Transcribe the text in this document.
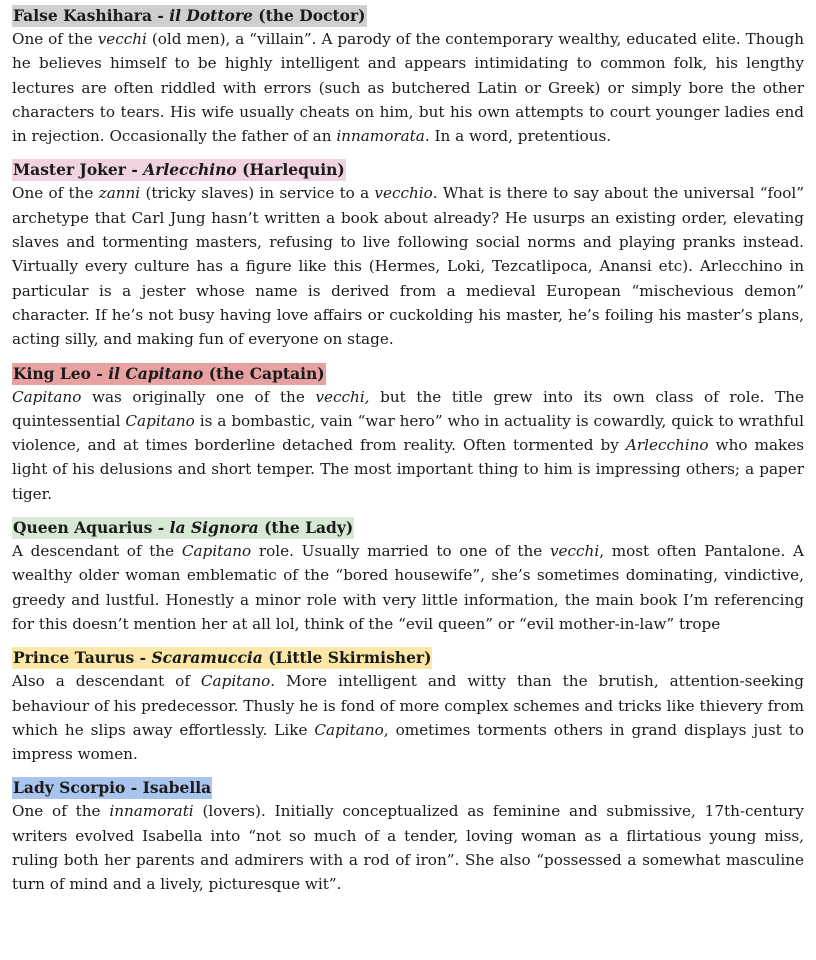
False Kashihara - il Dottore (the Doctor)

One of the vecchi (old men), a “villain”. A parody of the contemporary wealthy, educated elite. Though he believes himself to be highly intelligent and appears intimidating to common folk, his lengthy lectures are often riddled with errors (such as butchered Latin or Greek) or simply bore the other characters to tears. His wife usually cheats on him, but his own attempts to court younger ladies end in rejection. Occasionally the father of an innamorata. In a word, pretentious.

Master Joker - Arlecchino (Harlequin)

One of the zanni (tricky slaves) in service to a vecchio. What is there to say about the universal “fool” archetype that Carl Jung hasn’t written a book about already? He usurps an existing order, elevating slaves and tormenting masters, refusing to live following social norms and playing pranks instead. Virtually every culture has a figure like this (Hermes, Loki, Tezcatlipoca, Anansi etc). Arlecchino in particular is a jester whose name is derived from a medieval European “mischevious demon” character. If he’s not busy having love affairs or cuckolding his master, he’s foiling his master’s plans, acting silly, and making fun of everyone on stage.

King Leo - il Capitano (the Captain)

Capitano was originally one of the vecchi, but the title grew into its own class of role. The quintessential Capitano is a bombastic, vain “war hero” who in actuality is cowardly, quick to wrathful violence, and at times borderline detached from reality. Often tormented by Arlecchino who makes light of his delusions and short temper. The most important thing to him is impressing others; a paper tiger.

Queen Aquarius - la Signora (the Lady)

A descendant of the Capitano role. Usually married to one of the vecchi, most often Pantalone. A wealthy older woman emblematic of the “bored housewife”, she’s sometimes dominating, vindictive, greedy and lustful. Honestly a minor role with very little information, the main book I’m referencing for this doesn’t mention her at all lol, think of the “evil queen” or “evil mother-in-law” trope

Prince Taurus - Scaramuccia (Little Skirmisher)

Also a descendant of Capitano. More intelligent and witty than the brutish, attention-seeking behaviour of his predecessor. Thusly he is fond of more complex schemes and tricks like thievery from which he slips away effortlessly. Like Capitano, ometimes torments others in grand displays just to impress women.

Lady Scorpio - Isabella

One of the innamorati (lovers). Initially conceptualized as feminine and submissive, 17th-century writers evolved Isabella into “not so much of a tender, loving woman as a flirtatious young miss, ruling both her parents and admirers with a rod of iron”. She also “possessed a somewhat masculine turn of mind and a lively, picturesque wit”.
